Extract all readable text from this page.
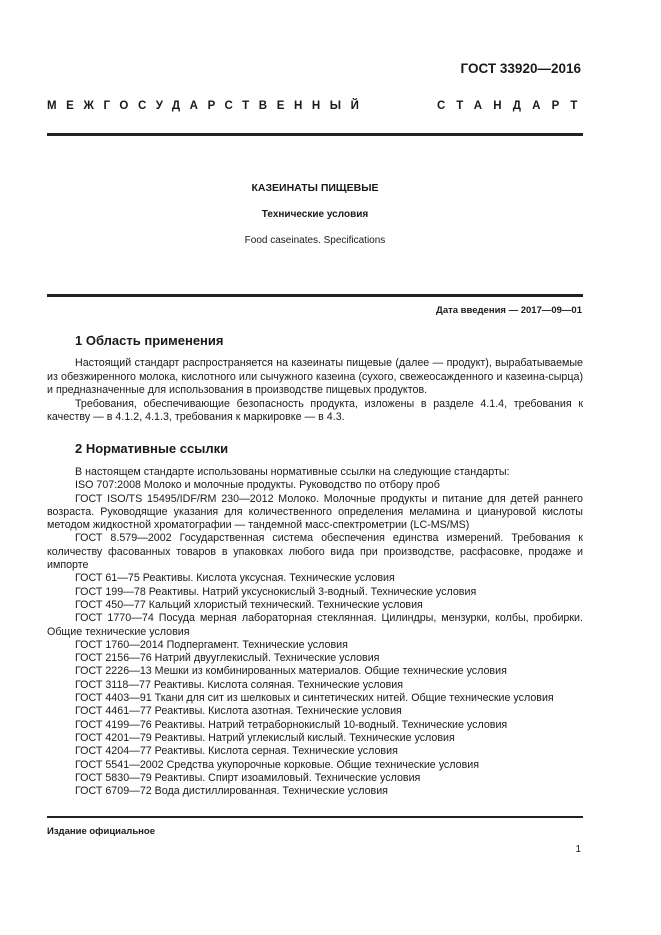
ГОСТ 33920—2016
МЕЖГОСУДАРСТВЕННЫЙ	СТАНДАРТ
КАЗЕИНАТЫ ПИЩЕВЫЕ
Технические условия
Food caseinates. Specifications
Дата введения — 2017—09—01
1 Область применения

Настоящий стандарт распространяется на казеинаты пищевые (далее — продукт), вырабатываемые из обезжиренного молока, кислотного или сычужного казеина (сухого, свежеосажденного и казеина-сырца) и предназначенные для использования в производстве пищевых продуктов.

Требования, обеспечивающие безопасность продукта, изложены в разделе 4.1.4, требования к качеству — в 4.1.2, 4.1.3, требования к маркировке — в 4.3.

2 Нормативные ссылки
В настоящем стандарте использованы нормативные ссылки на следующие стандарты:
ISO 707:2008 Молоко и молочные продукты. Руководство по отбору проб
ГОСТ ISO/TS 15495/IDF/RM 230—2012 Молоко. Молочные продукты и питание для детей раннего возраста. Руководящие указания для количественного определения меламина и циануровой кислоты методом жидкостной хроматографии — тандемной масс-спектрометрии (LC-MS/MS)
ГОСТ 8.579—2002 Государственная система обеспечения единства измерений. Требования к количеству фасованных товаров в упаковках любого вида при производстве, расфасовке, продаже и импорте
ГОСТ 61—75 Реактивы. Кислота уксусная. Технические условия
ГОСТ 199—78 Реактивы. Натрий уксуснокислый 3-водный. Технические условия
ГОСТ 450—77 Кальций хлористый технический. Технические условия
ГОСТ 1770—74 Посуда мерная лабораторная стеклянная. Цилиндры, мензурки, колбы, пробирки. Общие технические условия
ГОСТ 1760—2014 Подпергамент. Технические условия
ГОСТ 2156—76 Натрий двууглекислый. Технические условия
ГОСТ 2226—13 Мешки из комбинированных материалов. Общие технические условия
ГОСТ 3118—77 Реактивы. Кислота соляная. Технические условия
ГОСТ 4403—91 Ткани для сит из шелковых и синтетических нитей. Общие технические условия
ГОСТ 4461—77 Реактивы. Кислота азотная. Технические условия
ГОСТ 4199—76 Реактивы. Натрий тетраборнокислый 10-водный. Технические условия
ГОСТ 4201—79 Реактивы. Натрий углекислый кислый. Технические условия
ГОСТ 4204—77 Реактивы. Кислота серная. Технические условия
ГОСТ 5541—2002 Средства укупорочные корковые. Общие технические условия
ГОСТ 5830—79 Реактивы. Спирт изоамиловый. Технические условия
ГОСТ 6709—72 Вода дистиллированная. Технические условия
Издание официальное
1
